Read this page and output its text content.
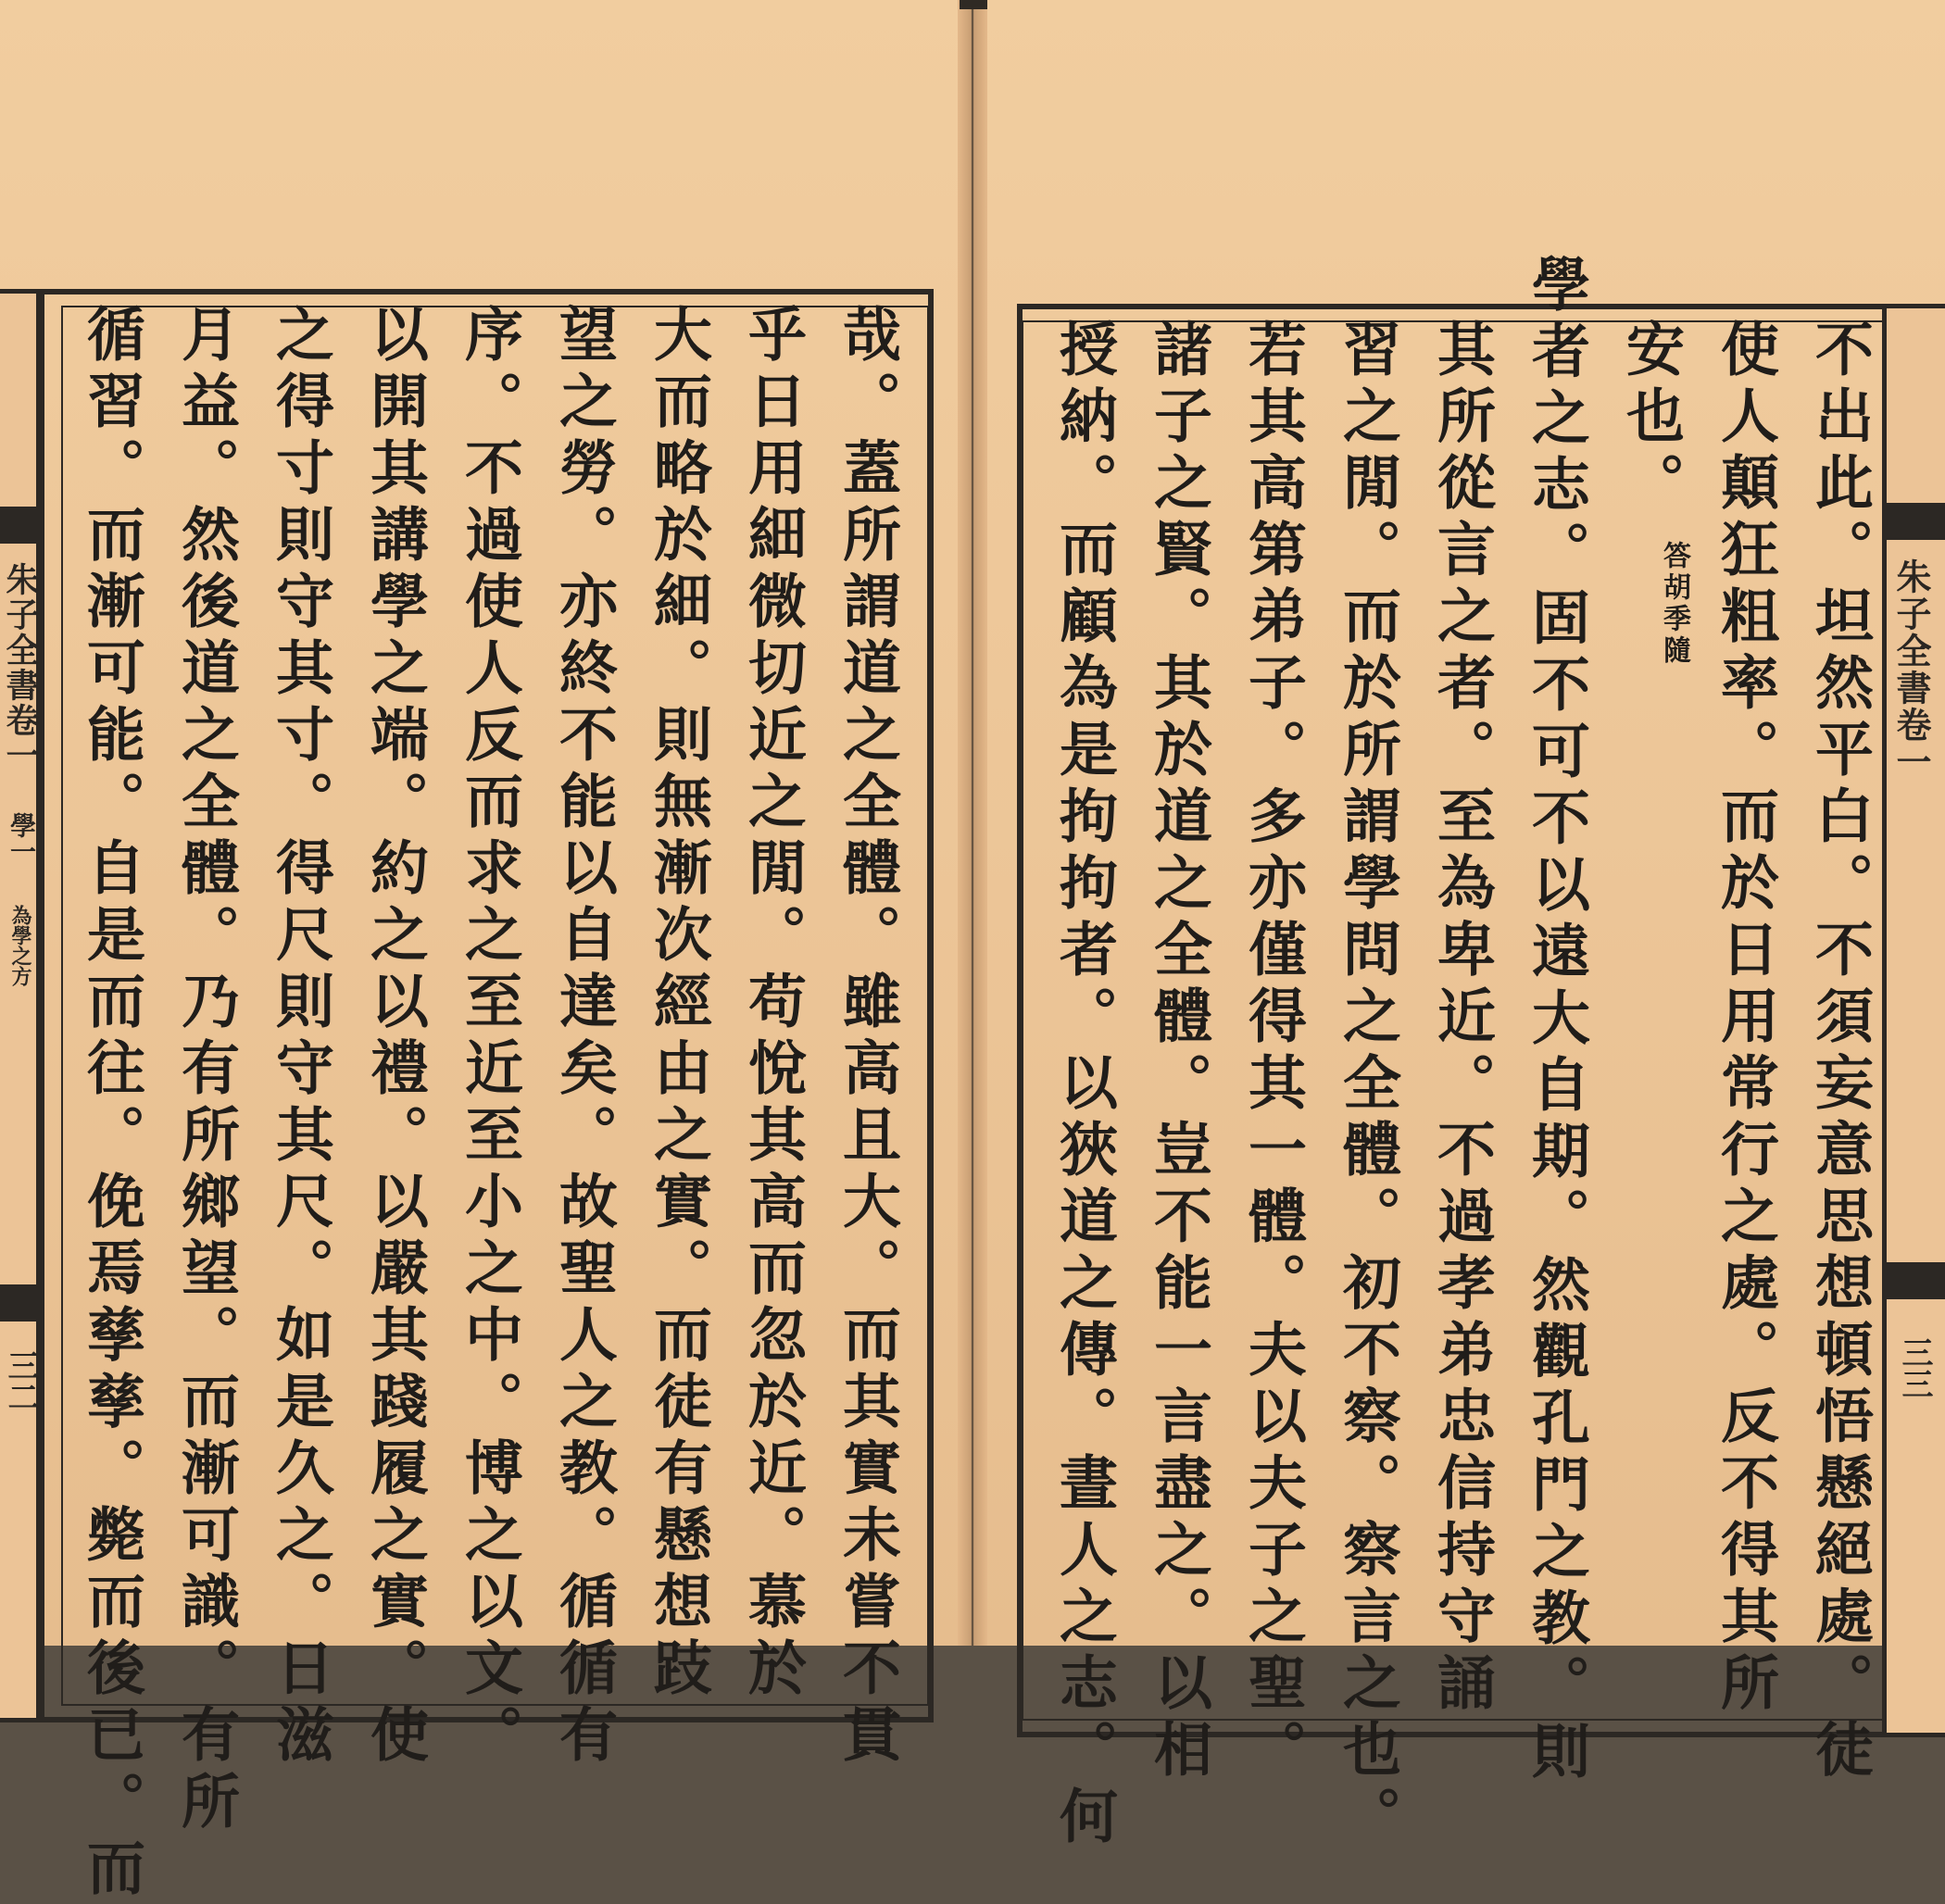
朱子全書卷一
學一
為學之方
三二	哉。蓋所謂道之全體。雖高且大。而其實未嘗不貫
乎日用細微切近之閒。苟悅其高而忽於近。慕於
大而略於細。則無漸次經由之實。而徒有懸想跂
望之勞。亦終不能以自達矣。故聖人之教。循循有
序。不過使人反而求之至近至小之中。博之以文。
以開其講學之端。約之以禮。以嚴其踐履之實。使
之得寸則守其寸。得尺則守其尺。如是久之。日滋
月益。然後道之全體。乃有所鄉望。而漸可識。有所
循習。而漸可能。自是而往。俛焉孳孳。斃而後已。而	不出此。坦然平白。不須妄意思想頓悟懸絕處。徒
使人顛狂粗率。而於日用常行之處。反不得其所
安也。
答胡季隨
學者之志。固不可不以遠大自期。然觀孔門之教。則
其所從言之者。至為卑近。不過孝弟忠信持守誦
習之閒。而於所謂學問之全體。初不察。察言之也。
若其高第弟子。多亦僅得其一體。夫以夫子之聖。
諸子之賢。其於道之全體。豈不能一言盡之。以相
授納。而顧為是拘拘者。以狹道之傳。晝人之志。何	朱子全書卷一
三三
